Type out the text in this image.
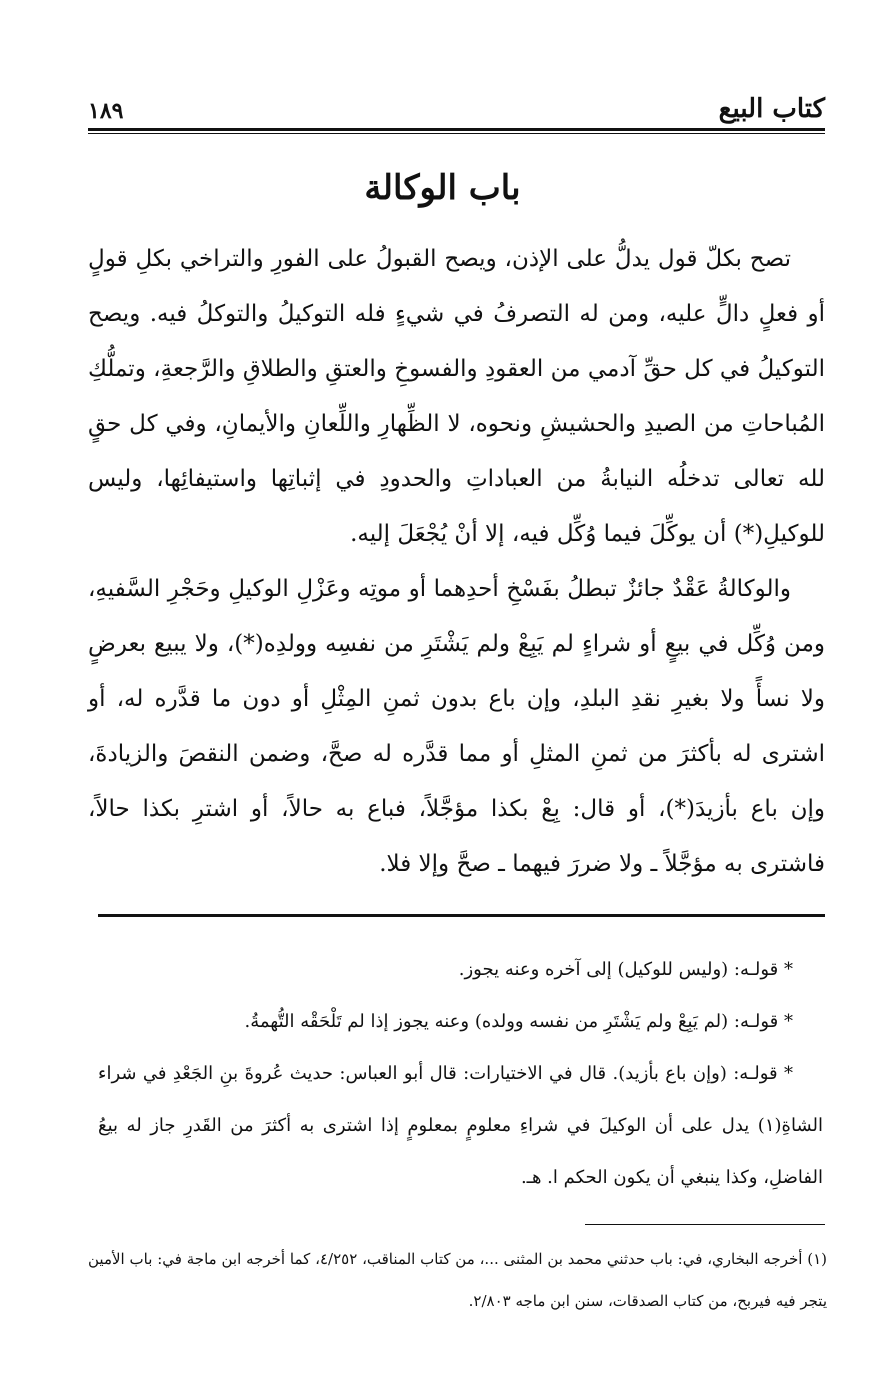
كتاب البيع
١٨٩
باب الوكالة

تصح بكلّ قول يدلُّ على الإذن، ويصح القبولُ على الفورِ والتراخي بكلِ قولٍ أو فعلٍ دالٍّ عليه، ومن له التصرفُ في شيءٍ فله التوكيلُ والتوكلُ فيه. ويصح التوكيلُ في كل حقِّ آدمي من العقودِ والفسوخِ والعتقِ والطلاقِ والرَّجعةِ، وتملُّكِ المُباحاتِ من الصيدِ والحشيشِ ونحوه، لا الظِّهارِ واللِّعانِ والأيمانِ، وفي كل حقٍ لله تعالى تدخلُه النيابةُ من العباداتِ والحدودِ في إثباتِها واستيفائِها، وليس للوكيلِ(*) أن يوكِّلَ فيما وُكِّل فيه، إلا أنْ يُجْعَلَ إليه.

والوكالةُ عَقْدٌ جائزٌ تبطلُ بفَسْخِ أحدِهما أو موتِه وعَزْلِ الوكيلِ وحَجْرِ السَّفيهِ، ومن وُكِّل في بيعٍ أو شراءٍ لم يَبِعْ ولم يَشْتَرِ من نفسِه وولدِه(*)، ولا يبيع بعرضٍ ولا نسأً ولا بغيرِ نقدِ البلدِ، وإن باع بدون ثمنِ المِثْلِ أو دون ما قدَّره له، أو اشترى له بأكثرَ من ثمنِ المثلِ أو مما قدَّره له صحَّ، وضمن النقصَ والزيادةَ، وإن باع بأزيدَ(*)، أو قال: بِعْ بكذا مؤجَّلاً، فباع به حالاً، أو اشترِ بكذا حالاً، فاشترى به مؤجَّلاً ـ ولا ضررَ فيهما ـ صحَّ وإلا فلا.

* قولـه: (وليس للوكيل) إلى آخره وعنه يجوز.

* قولـه: (لم يَبِعْ ولم يَشْتَرِ من نفسه وولده) وعنه يجوز إذا لم تَلْحَقْه التُّهمةُ.

* قولـه: (وإن باع بأزيد). قال في الاختيارات: قال أبو العباس: حديث عُروةَ بنِ الجَعْدِ في شراء الشاةِ(١) يدل على أن الوكيلَ في شراءِ معلومٍ بمعلومٍ إذا اشترى به أكثرَ من القَدرِ جاز له بيعُ الفاضلِ، وكذا ينبغي أن يكون الحكم ا. هـ.

(١) أخرجه البخاري، في: باب حدثني محمد بن المثنى ...، من كتاب المناقب، ٤/٢٥٢، كما أخرجه ابن ماجة في: باب الأمين يتجر فيه فيربح، من كتاب الصدقات، سنن ابن ماجه ٢/٨٠٣.
